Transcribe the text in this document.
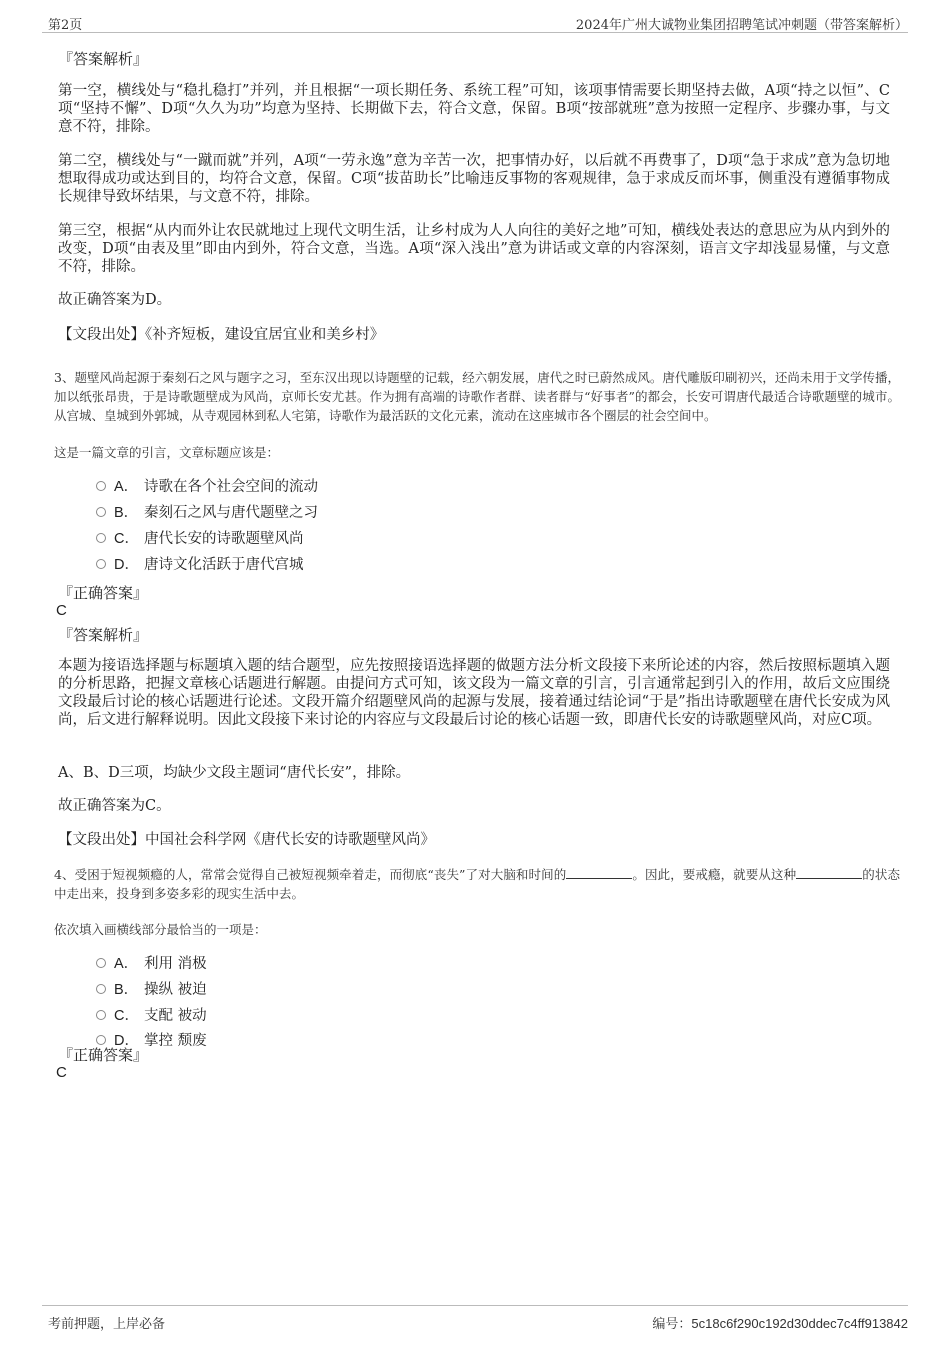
第2页	2024年广州大诚物业集团招聘笔试冲刺题（带答案解析）
『答案解析』
第一空，横线处与“稳扎稳打”并列，并且根据“一项长期任务、系统工程”可知，该项事情需要长期坚持去做，A项“持之以恒”、C项“坚持不懈”、D项“久久为功”均意为坚持、长期做下去，符合文意，保留。B项“按部就班”意为按照一定程序、步骤办事，与文意不符，排除。
第二空，横线处与“一蹴而就”并列，A项“一劳永逸”意为辛苦一次，把事情办好，以后就不再费事了，D项“急于求成”意为急切地想取得成功或达到目的，均符合文意，保留。C项“拔苗助长”比喻违反事物的客观规律，急于求成反而坏事，侧重没有遵循事物成长规律导致坏结果，与文意不符，排除。
第三空，根据“从内而外让农民就地过上现代文明生活，让乡村成为人人向往的美好之地”可知，横线处表达的意思应为从内到外的改变，D项“由表及里”即由内到外，符合文意，当选。A项“深入浅出”意为讲话或文章的内容深刻，语言文字却浅显易懂，与文意不符，排除。
故正确答案为D。
【文段出处】《补齐短板，建设宜居宜业和美乡村》
3、题壁风尚起源于秦刻石之风与题字之习，至东汉出现以诗题壁的记载，经六朝发展，唐代之时已蔚然成风。唐代雕版印刷初兴，还尚未用于文学传播，加以纸张昂贵，于是诗歌题壁成为风尚，京师长安尤甚。作为拥有高端的诗歌作者群、读者群与“好事者”的都会，长安可谓唐代最适合诗歌题壁的城市。从宫城、皇城到外郭城，从寺观园林到私人宅第，诗歌作为最活跃的文化元素，流动在这座城市各个圈层的社会空间中。
这是一篇文章的引言，文章标题应该是：
A． 诗歌在各个社会空间的流动
B． 秦刻石之风与唐代题壁之习
C． 唐代长安的诗歌题壁风尚
D． 唐诗文化活跃于唐代宫城
『正确答案』
C
『答案解析』
本题为接语选择题与标题填入题的结合题型，应先按照接语选择题的做题方法分析文段接下来所论述的内容，然后按照标题填入题的分析思路，把握文章核心话题进行解题。由提问方式可知，该文段为一篇文章的引言，引言通常起到引入的作用，故后文应围绕文段最后讨论的核心话题进行论述。文段开篇介绍题壁风尚的起源与发展，接着通过结论词“于是”指出诗歌题壁在唐代长安成为风尚，后文进行解释说明。因此文段接下来讨论的内容应与文段最后讨论的核心话题一致，即唐代长安的诗歌题壁风尚，对应C项。
A、B、D三项，均缺少文段主题词“唐代长安”，排除。
故正确答案为C。
【文段出处】中国社会科学网《唐代长安的诗歌题壁风尚》
4、受困于短视频瘾的人，常常会觉得自己被短视频牵着走，而彻底“丧失”了对大脑和时间的	。因此，要戒瘾，就要从这种	的状态中走出来，投身到多姿多彩的现实生活中去。
依次填入画横线部分最恰当的一项是：
A． 利用 消极
B． 操纵 被迫
C． 支配 被动
D． 掌控 颓废
『正确答案』
C
考前押题，上岸必备	编号：5c18c6f290c192d30ddec7c4ff913842
